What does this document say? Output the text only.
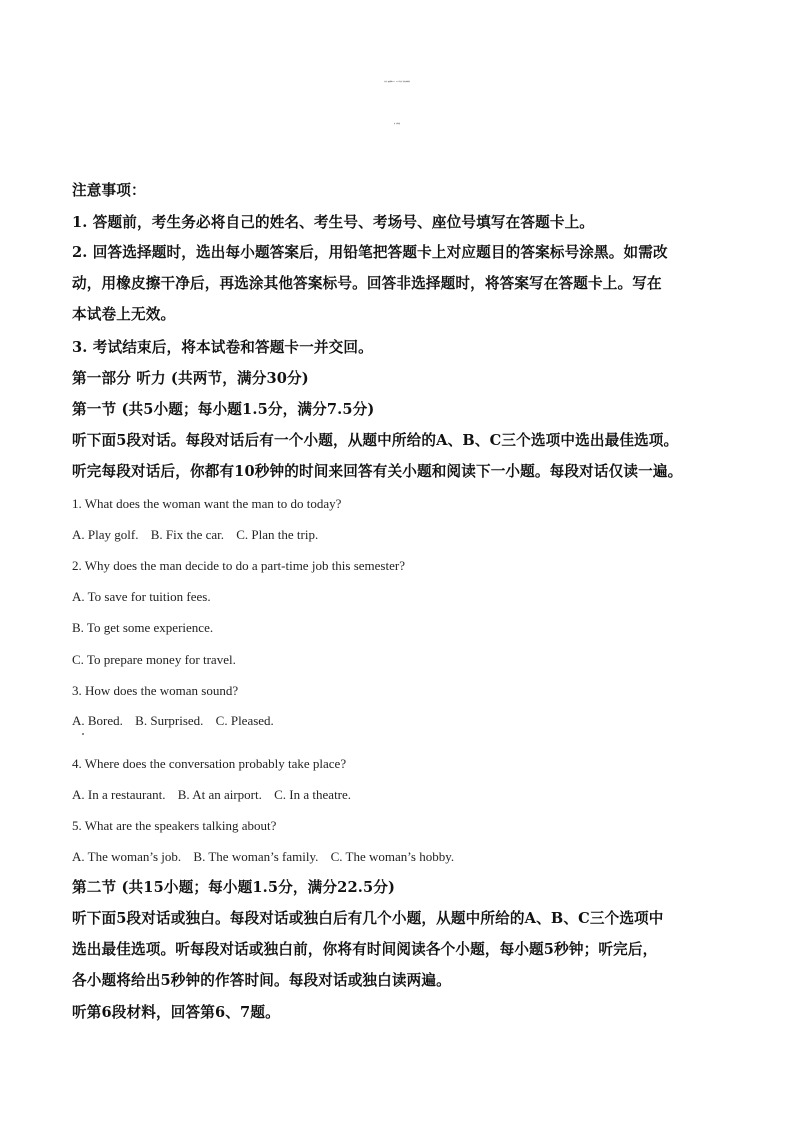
龙岩市一级校联盟2024—2025学年第二学期半期考联考
高二英语试题
注意事项：
1. 答题前，考生务必将自己的姓名、考生号、考场号、座位号填写在答题卡上。
2. 回答选择题时，选出每小题答案后，用铅笔把答题卡上对应题目的答案标号涂黑。如需改
动，用橡皮擦干净后，再选涂其他答案标号。回答非选择题时，将答案写在答题卡上。写在
本试卷上无效。
3. 考试结束后，将本试卷和答题卡一并交回。
第一部分 听力 (共两节，满分30分)
第一节 (共5小题；每小题1.5分，满分7.5分)
听下面5段对话。每段对话后有一个小题，从题中所给的A、B、C三个选项中选出最佳选项。
听完每段对话后，你都有10秒钟的时间来回答有关小题和阅读下一小题。每段对话仅读一遍。
1. What does the woman want the man to do today?
A. Play golf. B. Fix the car. C. Plan the trip.
2. Why does the man decide to do a part-time job this semester?
A. To save for tuition fees.
B. To get some experience.
C. To prepare money for travel.
3. How does the woman sound?
A. Bored. B. Surprised. C. Pleased.
4. Where does the conversation probably take place?
A. In a restaurant. B. At an airport. C. In a theatre.
5. What are the speakers talking about?
A. The woman’s job. B. The woman’s family. C. The woman’s hobby.
第二节 (共15小题；每小题1.5分，满分22.5分)
听下面5段对话或独白。每段对话或独白后有几个小题，从题中所给的A、B、C三个选项中
选出最佳选项。听每段对话或独白前，你将有时间阅读各个小题，每小题5秒钟；听完后，
各小题将给出5秒钟的作答时间。每段对话或独白读两遍。
听第6段材料，回答第6、7题。
